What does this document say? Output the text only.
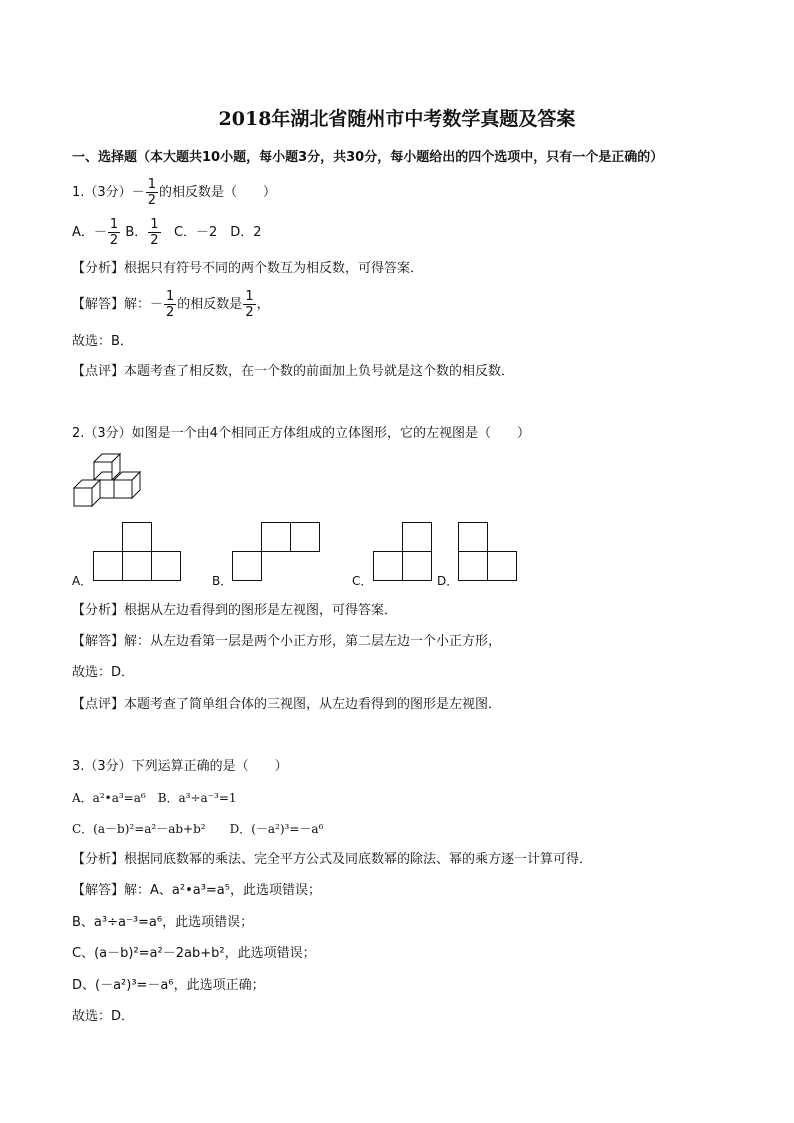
2018年湖北省随州市中考数学真题及答案
一、选择题（本大题共10小题，每小题3分，共30分，每小题给出的四个选项中，只有一个是正确的）
1.（3分）－ $\frac{1}{2}$ 的相反数是（　　）
A．－ $\frac{1}{2}$ B． $\frac{1}{2}$ C．－2　D．2
【分析】根据只有符号不同的两个数互为相反数，可得答案．
【解答】解：－ $\frac{1}{2}$ 的相反数是 $\frac{1}{2}$ ，
故选：B．
【点评】本题考查了相反数，在一个数的前面加上负号就是这个数的相反数．
2.（3分）如图是一个由4个相同正方体组成的立体图形，它的左视图是（　　）
A．	B．	C．	D．
【分析】根据从左边看得到的图形是左视图，可得答案．
【解答】解：从左边看第一层是两个小正方形，第二层左边一个小正方形，
故选：D．
【点评】本题考查了简单组合体的三视图，从左边看得到的图形是左视图．
3.（3分）下列运算正确的是（　　）
A．a²•a³=a⁶　B．a³÷a⁻³=1
C．(a－b)²=a²－ab+b²　　D．(－a²)³=－a⁶
【分析】根据同底数幂的乘法、完全平方公式及同底数幂的除法、幂的乘方逐一计算可得．
【解答】解：A、a²•a³=a⁵，此选项错误；
B、a³÷a⁻³=a⁶，此选项错误；
C、(a－b)²=a²－2ab+b²，此选项错误；
D、(－a²)³=－a⁶，此选项正确；
故选：D．
